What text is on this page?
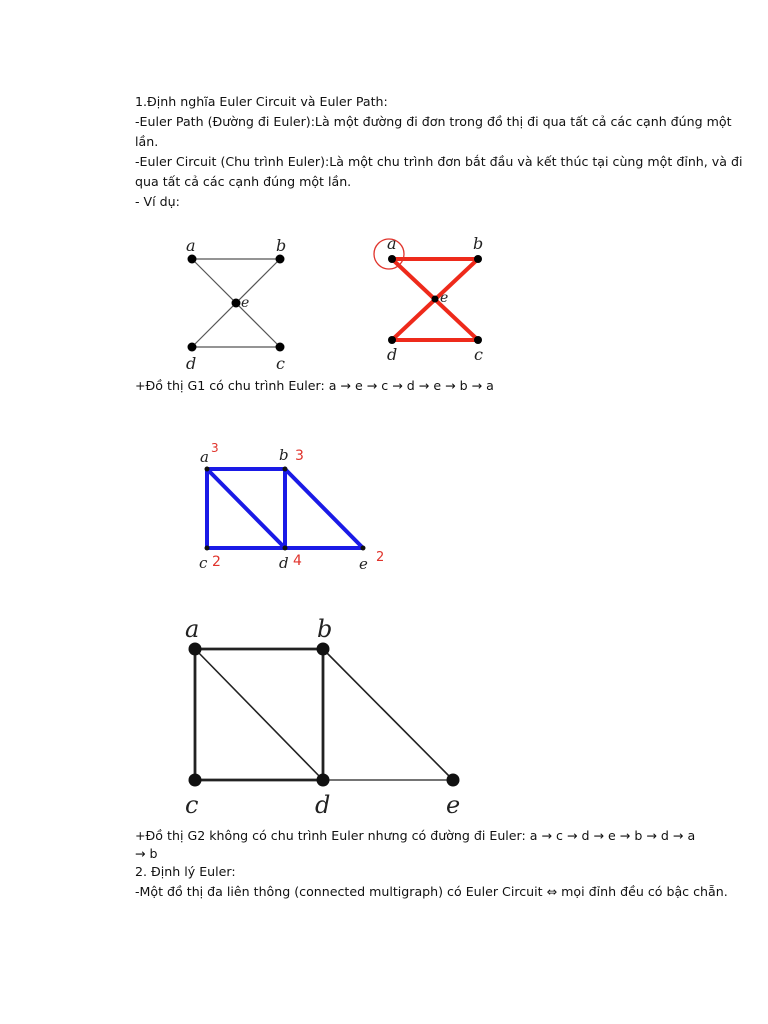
1.Định nghĩa Euler Circuit và Euler Path:
-Euler Path (Đường đi Euler):Là một đường đi đơn trong đồ thị đi qua tất cả các cạnh đúng một
lần.
-Euler Circuit (Chu trình Euler):Là một chu trình đơn bắt đầu và kết thúc tại cùng một đỉnh, và đi
qua tất cả các cạnh đúng một lần.
- Ví dụ:
a	b
c
d
e
a	b
c
d
e
+Đồ thị G1 có chu trình Euler: a → e → c → d → e → b → a
a 3	b 3
c 2	d 4	e 2
a	b
c	d	e
+Đồ thị G2 không có chu trình Euler nhưng có đường đi Euler: a → c → d → e → b → d → a
→ b
2. Định lý Euler:
-Một đồ thị đa liên thông (connected multigraph) có Euler Circuit ⇔ mọi đỉnh đều có bậc chẵn.
